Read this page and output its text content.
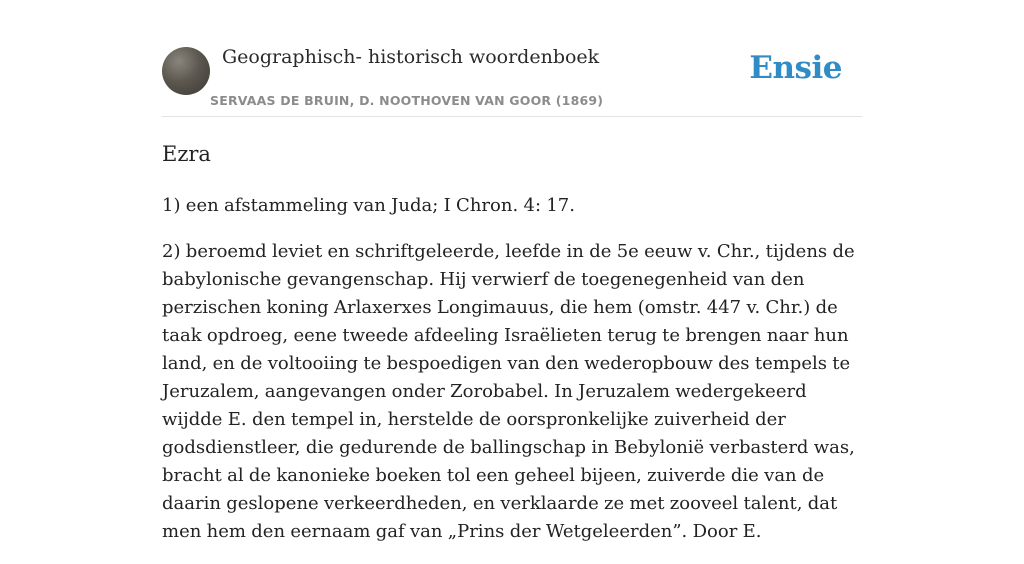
Geographisch- historisch woordenboek
SERVAAS DE BRUIN, D. NOOTHOVEN VAN GOOR (1869)
Ensie
Ezra

1) een afstammeling van Juda; I Chron. 4: 17.

2) beroemd leviet en schriftgeleerde, leefde in de 5e eeuw v. Chr., tijdens de babylonische gevangenschap. Hij verwierf de toegenegenheid van den perzischen koning Arlaxerxes Longimauus, die hem (omstr. 447 v. Chr.) de taak opdroeg, eene tweede afdeeling Israëlieten terug te brengen naar hun land, en de voltooiing te bespoedigen van den wederopbouw des tempels te Jeruzalem, aangevangen onder Zorobabel. In Jeruzalem wedergekeerd wijdde E. den tempel in, herstelde de oorspronkelijke zuiverheid der godsdienstleer, die gedurende de ballingschap in Bebylonië verbasterd was, bracht al de kanonieke boeken tol een geheel bijeen, zuiverde die van de daarin geslopene verkeerdheden, en verklaarde ze met zooveel talent, dat men hem den eernaam gaf van „Prins der Wetgeleerden”. Door E.
